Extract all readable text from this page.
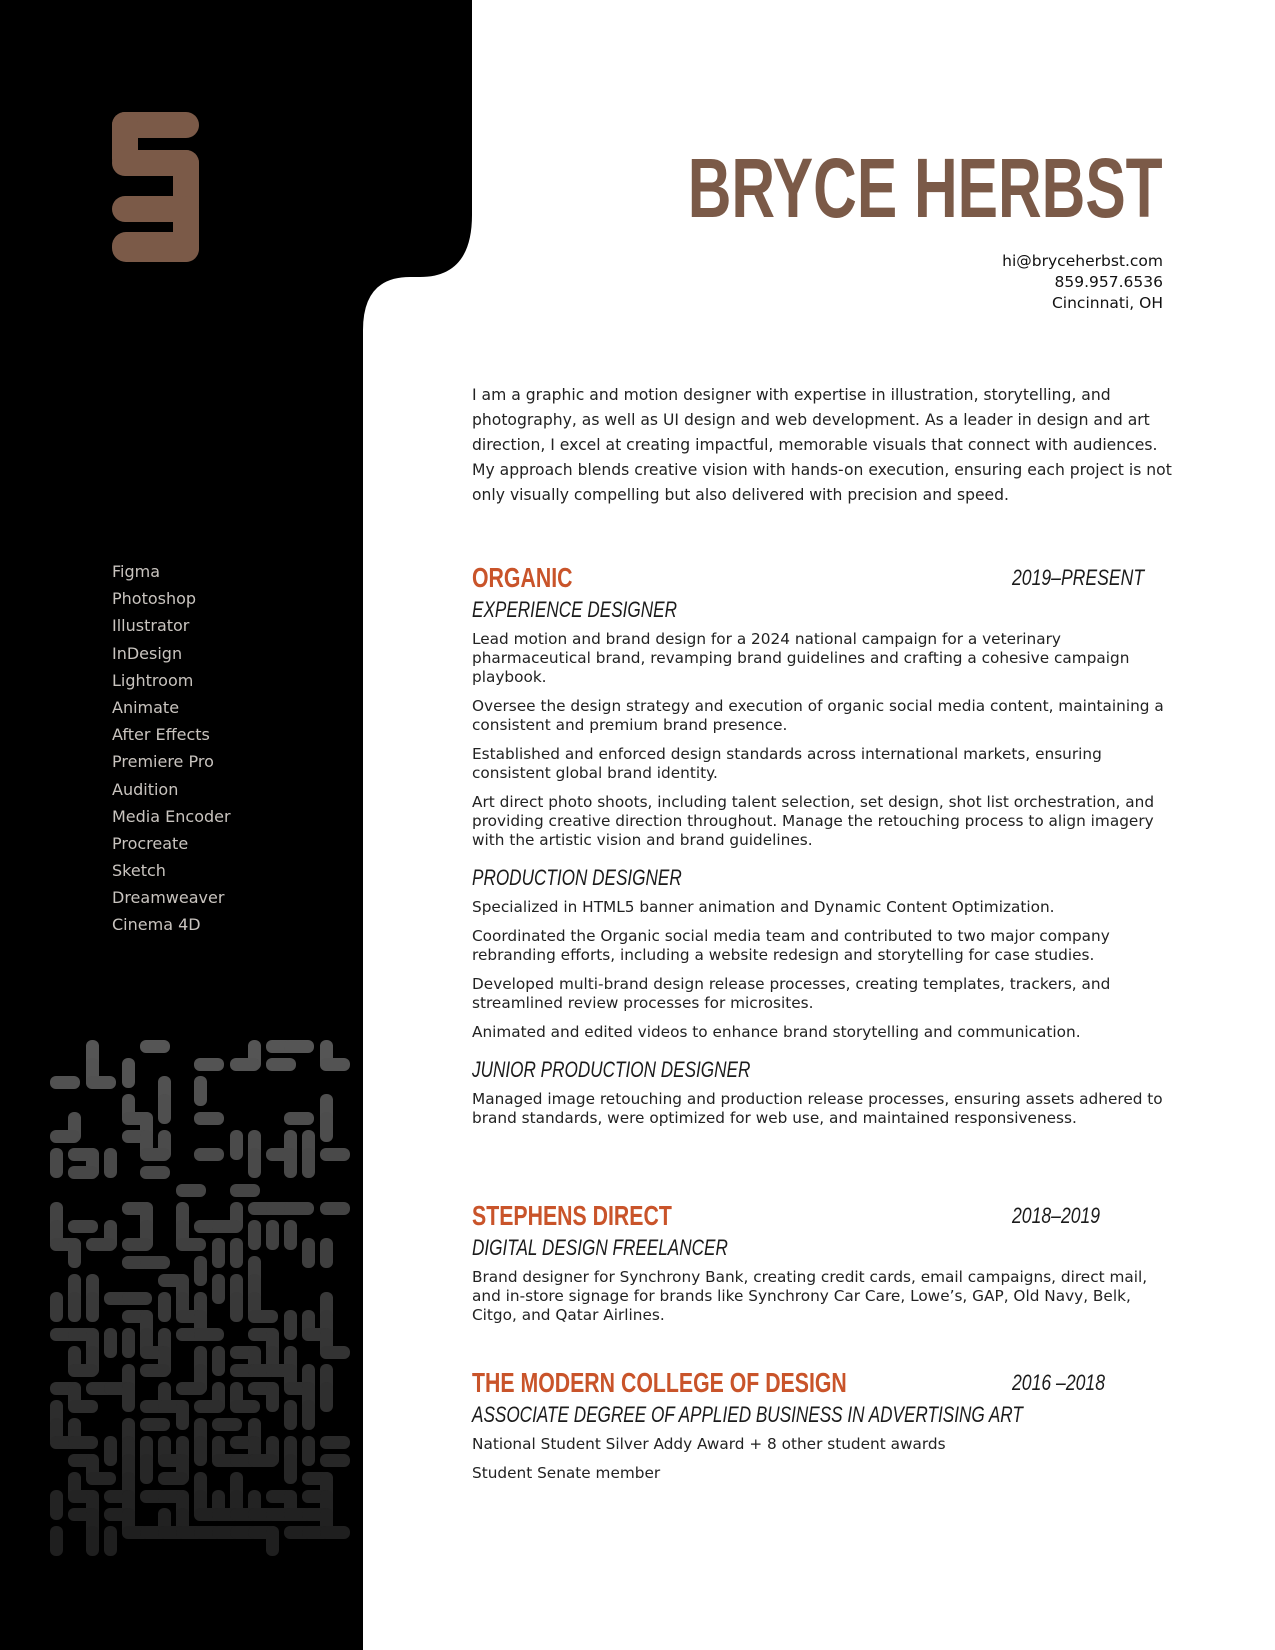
Figma
Photoshop
Illustrator
InDesign
Lightroom
Animate
After Effects
Premiere Pro
Audition
Media Encoder
Procreate
Sketch
Dreamweaver
Cinema 4D
BRYCE HERBST
hi@bryceherbst.com
859.957.6536
Cincinnati, OH

I am a graphic and motion designer with expertise in illustration, storytelling, and photography, as well as UI design and web development. As a leader in design and art direction, I excel at creating impactful, memorable visuals that connect with audiences. My approach blends creative vision with hands-on execution, ensuring each project is not only visually compelling but also delivered with precision and speed.

ORGANIC	2019–PRESENT
EXPERIENCE DESIGNER
Lead motion and brand design for a 2024 national campaign for a veterinary pharmaceutical brand, revamping brand guidelines and crafting a cohesive campaign playbook.
Oversee the design strategy and execution of organic social media content, maintaining a consistent and premium brand presence.
Established and enforced design standards across international markets, ensuring consistent global brand identity.
Art direct photo shoots, including talent selection, set design, shot list orchestration, and providing creative direction throughout. Manage the retouching process to align imagery with the artistic vision and brand guidelines.
PRODUCTION DESIGNER
Specialized in HTML5 banner animation and Dynamic Content Optimization.
Coordinated the Organic social media team and contributed to two major company rebranding efforts, including a website redesign and storytelling for case studies.
Developed multi-brand design release processes, creating templates, trackers, and streamlined review processes for microsites.
Animated and edited videos to enhance brand storytelling and communication.
JUNIOR PRODUCTION DESIGNER
Managed image retouching and production release processes, ensuring assets adhered to brand standards, were optimized for web use, and maintained responsiveness.
STEPHENS DIRECT	2018–2019
DIGITAL DESIGN FREELANCER
Brand designer for Synchrony Bank, creating credit cards, email campaigns, direct mail, and in-store signage for brands like Synchrony Car Care, Lowe’s, GAP, Old Navy, Belk, Citgo, and Qatar Airlines.
THE MODERN COLLEGE OF DESIGN	2016 –2018
ASSOCIATE DEGREE OF APPLIED BUSINESS IN ADVERTISING ART
National Student Silver Addy Award + 8 other student awards
Student Senate member
